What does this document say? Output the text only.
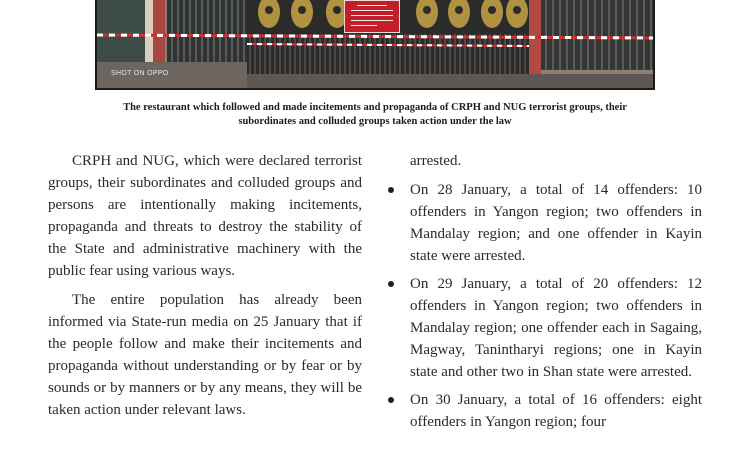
SHOT ON OPPO
The restaurant which followed and made incitements and propaganda of CRPH and NUG terrorist groups, their subordinates and colluded groups taken action under the law

CRPH and NUG, which were declared terrorist groups, their subordinates and colluded groups and persons are intentionally making incitements, propaganda and threats to destroy the stability of the State and administrative machinery with the public fear using various ways.

The entire population has already been informed via State-run media on 25 January that if the people follow and make their incitements and propaganda without understanding or by fear or by sounds or by manners or by any means, they will be taken action under relevant laws.

arrested.

On 28 January, a total of 14 offenders: 10 offenders in Yangon region; two offenders in Mandalay region; and one offender in Kayin state were arrested.
On 29 January, a total of 20 offenders: 12 offenders in Yangon region; two offenders in Mandalay region; one offender each in Sagaing, Magway, Tanintharyi regions; one in Kayin state and other two in Shan state were arrested.
On 30 January, a total of 16 offenders: eight offenders in Yangon region; four
